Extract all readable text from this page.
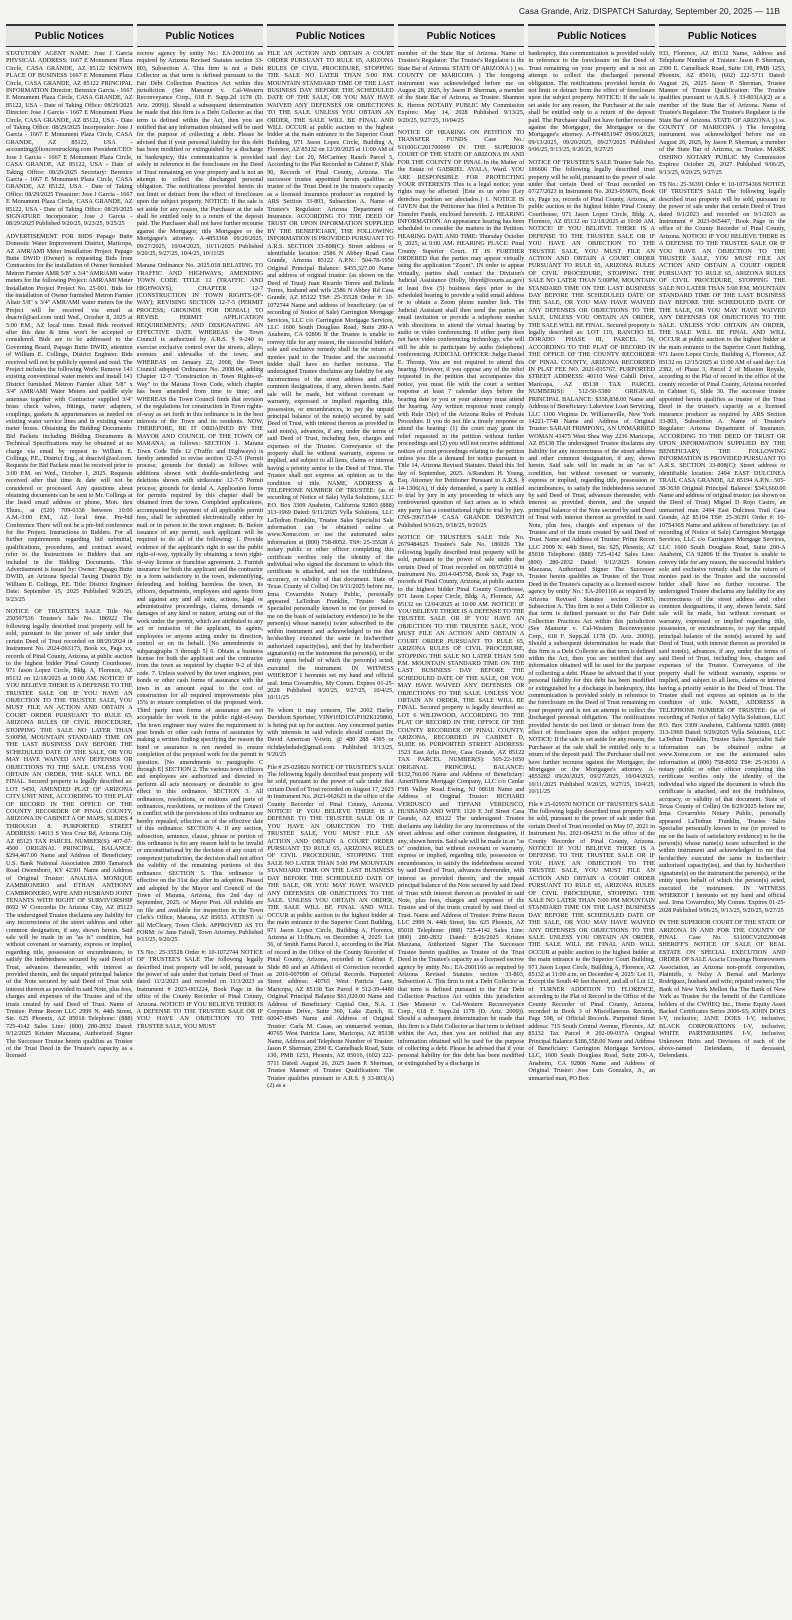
Casa Grande, Ariz. DISPATCH Saturday, September 20, 2025 — 11B
Public Notices
STATUTORY AGENT NAME: Jose J Garcia PHYSICAL ADDRESS: 1667 E Monument Plaza Circle, CASA GRANDE, AZ 85122 KNOWN PLACE OF BUSINESS 1667 E Monument Plaza Circle, CASA GRANDE, AZ 85122 PRINCIPAL INFORMATION Director: Berenice Garcia - 1667 E Monument Plaza Circle, CASA GRANDE, AZ 85122, USA - Date of Taking Office: 08/29/2025 Director: Jose J Garcia - 1667 E Monument Plaza Circle, CASA GRANDE, AZ 85122, USA - Date of Taking Office: 08/29/2025 Incorporator: Jose J Garcia - 1667 E Monument Plaza Circle, CASA GRANDE, AZ 85122, USA - accounting@lioncrestrucking.com President/CEO: Jose J Garcia - 1667 E Monument Plaza Circle, CASA GRANDE, AZ 85122, USA - Date of Taking Office: 08/29/2025 Secretary: Berenice Garcia - 1667 E Monument Plaza Circle, CASA GRANDE, AZ 85122, USA - Date of Taking Office: 08/29/2025 Treasurer: Jose J Garcia - 1667 E Monument Plaza Circle, CASA GRANDE, AZ 85122, USA - Date of Taking Office: 08/29/2025 SIGNATURE Incorporator: Jose J Garcia - 08/29/2025 Published 9/20/25, 9/23/25, 9/25/25
ADVERTISEMENT FOR BIDS Papago Butte Domestic Water Improvement District, Maricopa, AZ AMR/AMI Meter Installation Project Papago Butte DWID (Owner) is requesting Bids from Contractors for the installation of Owner furnished Metron Farnier AMR 5/8" x 3/4" AMR/AMI water meters for the following Project: AMR/AMI Meter Installation Project Project No. 25-001. Bids for the installation of Owner furnished Metron Farnier Altair 5/8" x 3/4" AMR/AMI water meters for the Project will be received via email at dnacivil@aol.com until Wed., October 8, 2025 at 5:00 P.M., AZ local time. Email Bids received after this date & time won't be accepted or considered. Bids are to be addressed to the Governing Board, Papago Butte DWID, attention of William E. Collings, District Engineer. Bids received will not be publicly opened and read. The Project includes the following Work: Remove 141 existing conventional water meters and install 141 District furnished Metron Farnier Altair 5/8" x 3/4" AMR/AMI Water Meters and paddle style antennas together with Contractor supplied 3/4" brass check valves, fittings, meter adapters, couplings, gaskets & appurtenances as needed on existing water service lines and in existing water meter boxes. Obtaining the Bidding Documents: Bid Packets including Bidding Documents & Technical Specifications may be obtained at no charge via email by request to William E. Collings, P.E., District Eng., at dnacivil@aol.com. Requests for Bid Packets must be received prior to 3:00 P.M. on Wed., October 1, 2025. Requests received after that time & date will not be considered or processed. Any questions about obtaining documents can be sent to Mr. Collings at the listed email address or phone, Mon. thru Thurs., at (520) 709-0338 between 10:00 A.M.-3:00 P.M., AZ local time. Pre-bid Conference There will not be a pre-bid conference for the Project. Instructions to Bidders. For all further requirements regarding bid submittal, qualifications, procedures, and contract award, refer to the Instructions to Bidders that are included in the Bidding Documents. This Advertisement is issued by: Owner: Papago Butte DWID, an Arizona Special Taxing District By: William E. Collings, P.E. Title: District Engineer Date: September 15, 2025 Published 9/20/25, 9/23/25
NOTICE OF TRUSTEE'S SALE Title No. 250507536 Trustee's Sale No. 186922 The following legally described trust property will be sold, pursuant to the power of sale under that certain Deed of Trust recorded on 08/20/2024 in Instrument No. 2024-063173, Book xx, Page xx, records of Pinal County, Arizona, at public auction to the highest bidder Pinal County Courthouse, 971 Jason Lopez Circle, Bldg. A, Florence, AZ 85132 on 12/18/2025 at 10:00 AM. NOTICE! IF YOU BELIEVE THERE IS A DEFENSE TO THE TRUSTEE SALE OR IF YOU HAVE AN OBJECTION TO THE TRUSTEE SALE, YOU MUST FILE AN ACTION AND OBTAIN A COURT ORDER PURSUANT TO RULE 65, ARIZONA RULES OF CIVIL PROCEDURE, STOPPING THE SALE NO LATER THAN 5:00PM, MOUNTAIN STANDARD TIME ON THE LAST BUSINESS DAY BEFORE THE SCHEDULED DATE OF THE SALE, OR YOU MAY HAVE WAIVED ANY DEFENSES OR OBJECTIONS TO THE SALE. UNLESS YOU OBTAIN AN ORDER, THE SALE WILL BE FINAL. Secured property is legally described as: LOT 5450, AMENDED PLAT OF ARIZONA CITY UNIT NINE, ACCORDING TO THE PLAT OF RECORD IN THE OFFICE OF THE COUNTY RECORDER OF PINAL COUNTY, ARIZONA IN CABINET A OF MAPS, SLIDES 4 THROUGH 8. PURPORTED STREET ADDRESS: 14613 S Vera Cruz Rd, Arizona City, AZ 85123 TAX PARCEL NUMBER(S): 407-07-4500 ORIGINAL PRINCIPAL BALANCE: $294,467.00 Name and Address of Beneficiary: U.S. Bank National Association 2800 Tamarack Road Owensboro, KY 42301 Name and Address of Original Trustor: ANALISA MONIQUE ZAMBRONERO and ETHAN ANTHONY CAMBRONERO, WIFE AND HUSBAND JOINT TENANTS WITH RIGHT OF SURVIVORSHIP 8692 W Concordia Dr Arizona City, AZ 85123 The undersigned Trustee disclaims any liability for any incorrectness of the street address and other common designation, if any, shown herein. Said sale will be made in an "as is" condition, but without covenant or warranty, express or implied, regarding title, possession or encumbrances, to satisfy the indebtedness secured by said Deed of Trust, advances thereunder, with interest as provided therein, and the unpaid principal balance of the Note secured by said Deed of Trust with interest thereon as provided in said Note, plus fees, charges and expenses of the Trustee and of the trusts created by said Deed of Trust. Name of Trustee: Prime Recon LLC 2999 N. 44th Street, Ste. 625 Phoenix, AZ 85018 Telephone: (888) 725-4142 Sales Line: (800) 280-2832 Dated: 9/12/2025 Kristen Mazzana, Authorized Signer The Successor Trustee herein qualifies as Trustee of the Trust Deed in the Trustee's capacity as a licensed
Public Notices
escrow agency by entity No.: EA-2001166 as required by Arizona Revised Statutes section 33-803, Subsection A. This firm is not a Debt Collector as that term is defined pursuant to the Fair Debt Collection Practices Act within this jurisdiction (See Mansour v. Cal-Western Reconveyance Corp., 618 F. Supp.2d 1178 (D. Ariz. 2009)). Should a subsequent determination be made that this firm is a Debt Collector as that term is defined within the Act, then you are notified that any information obtained will be used for the purpose of collecting a debt. Please be advised that if your personal liability for this debt has been modified or extinguished by a discharge in bankruptcy, this communication is provided solely in reference to the foreclosure on the Deed of Trust remaining on your property and is not an attempt to collect the discharged personal obligation. The notifications provided herein do not limit or detract from the effect of foreclosure upon the subject property. NOTICE: If the sale is set aside for any reason, the Purchaser at the sale shall be entitled only to a return of the deposit paid. The Purchaser shall not have further recourse against the Mortgagor, title Mortgagee or the Mortgagee's attorney. A-4853368 09/20/2025, 09/27/2025, 10/04/2025, 10/11/2025 Published 9/20/25, 9/27/25, 10/4/25, 10/11/25
Marana Ordinance No. 2025.018 RELATING TO TRAFFIC AND HIGHWAYS; AMENDING TOWN CODE TITLE 12 (TRAFFIC AND HIGHWAYS), CHAPTER 12-7 (CONSTRUCTION IN TOWN RIGHTS-OF-WAY); REVISING SECTION 12-7-5 (PERMIT PROCESS; GROUNDS FOR DENIAL) TO REVISE PERMIT APPLICATION REQUIREMENTS; AND DESIGNATING AN EFFECTIVE DATE WHEREAS the Town Council is authorized by A.R.S. § 9-240 to exercise exclusive control over the streets, alleys, avenues and sidewalks of the town; and WHEREAS on January 22, 2008, the Town Council adopted Ordinance No. 2008.04, adding Chapter 12-7 "Construction in Town Rights-of-Way" to the Marana Town Code, which chapter has been amended from time to time; and WHEREAS the Town Council finds that revision of the regulations for construction in Town rights-of-way as set forth in this ordinance is in the best interests of the Town and its residents. NOW, THEREFORE, BE IT ORDAINED BY THE MAYOR AND COUNCIL OF THE TOWN OF MARANA, as follows: SECTION 1. Marana Town Code Title 12 (Traffic and Highways) is hereby amended to revise section 12-7-5 (Permit process; grounds for denial) as follows with additions shown with double-underlining and deletions shown with strikeouts: 12-7-5 Permit process; grounds for denial A. Application forms for permits required by this chapter shall be obtained from the town. Completed applications, accompanied by payment of all applicable permit fees, shall be submitted electronically either by mail or in person to the town engineer. B. Before issuance of any permit, each applicant will be required to do all of the following: 1. Provide evidence of the applicant's right to use the public right-of-way, typically by obtaining a town right-of-way license or franchise agreement. 2. Furnish insurance for both the applicant and the contractor in a form satisfactory to the town, indemnifying, defending and holding harmless the town, its officers, departments, employees and agents from and against any and all suits, actions, legal or administrative proceedings, claims, demands or damages of any kind or nature, arising out of the work under the permit, which are attributed to any act or omission of the applicant, its agents, employees or anyone acting under its direction, control or on its behalf. [No amendments to subparagraphs 3 through 5] 6. Obtain a business license for both the applicant and the contractor from the town as required by chapter 9-2 of this code. 7. Unless waived by the town engineer, post bonds or other cash forms of assurance with the town in an amount equal to the cost of construction for all required improvements plus 15% to ensure completion of the proposed work. Third party trust forms of assurance are not acceptable for work in the public right-of-way. The town engineer may waive the requirement to post bonds or other cash forms of assurance by making a written finding specifying the reason the bond or assurance is not needed to ensure completion of the proposed work for the permit in question. [No amendments to paragraphs C through E] SECTION 2. The various town officers and employees are authorized and directed to perform all acts necessary or desirable to give effect to this ordinance. SECTION 3. All ordinances, resolutions, or motions and parts of ordinances, resolutions, or motions of the Council in conflict with the provisions of this ordinance are hereby repealed, effective as of the effective date of this ordinance. SECTION 4. If any section, subsection, sentence, clause, phrase or portion of this ordinance is for any reason held to be invalid or unconstitutional by the decision of any court of competent jurisdiction, the decision shall not affect the validity of the remaining portions of this ordinance. SECTION 5. This ordinance is effective on the 31st day after its adoption. Passed and adopted by the Mayor and Council of the Town of Marana, Arizona, this 2nd day of September, 2025. /s/ Mayor Post. All exhibits are on file and available for inspection in the Town Clerk's Office, Marana, AZ 85653. ATTEST: /s/ Jill McCleary, Town Clerk. APPROVED AS TO FORM: /s/ Jane Fairall, Town Attorney. Published 9/13/25, 9/20/25
TS No.: 25-35528 Order #: 10-1072744 NOTICE OF TRUSTEE'S SALE The following legally described trust property will be sold, pursuant to the power of sale under that certain Deed of Trust dated 11/2/2023 and recorded on 11/3/2023 as Instrument # 2023-003224, Book Page in the office of the County Recorder of Pinal County, Arizona. NOTICE! IF YOU BELIEVE THERE IS A DEFENSE TO THE TRUSTEE SALE OR IF YOU HAVE AN OBJECTION TO THE TRUSTEE SALE, YOU MUST
Public Notices
FILE AN ACTION AND OBTAIN A COURT ORDER PURSUANT TO RULE 65, ARIZONA RULES OF CIVIL PROCEDURE, STOPPING THE SALE NO LATER THAN 5:00 P.M. MOUNTAIN STANDARD TIME OF THE LAST BUSINESS DAY BEFORE THE SCHEDULED DATE OF THE SALE, OR YOU MAY HAVE WAIVED ANY DEFENSES OR OBJECTIONS TO THE SALE. UNLESS YOU OBTAIN AN ORDER, THE SALE WILL BE FINAL AND WILL OCCUR at public auction to the highest bidder at the main entrance to the Superior Court Building, 971 Jason Lopez Circle, Building A, Florence, AZ 85132 on 12/30/2025 at 11:00 AM of said day: Lot 20, McCartney Ranch Parcel 5, According to the Plat Recorded in Cabinet F, Slide 90, Records of Pinal County, Arizona. The successor trustee appointed herein qualifies as trustee of the Trust Deed in the trustee's capacity as a licensed insurance producer as required by ARS Section 33-803, Subsection A. Name of Trustee's Regulator: Arizona Department of Insurance. ACCORDING TO THE DEED OF TRUST OR UPON INFORMATION SUPPLIED BY THE BENEFICIARY, THE FOLLOWING INFORMATION IS PROVIDED PURSUANT TO A.R.S. SECTION 33-808(C): Street address or identifiable location: 2586 N Abbey Road Casa Grande, Arizona 85122 A.P.N.: 504-78-1950 Original Principal Balance: $455,327.00 Name and address of original trustor: (as shown on the Deed of Trust) Juan Ricardo Torres and Belinda Torres, husband and wife 2586 N Abbey Rd Casa Grande, AZ 85122 TS#: 25-35528 Order #: 10-1072744 Name and address of beneficiary: (as of recording of Notice of Sale) Carrington Mortgage Services, LLC c/o Carrington Mortgage Services, LLC 1600 South Douglass Road, Suite 200-A Anaheim, CA 92806 If the Trustee is unable to convey title for any reason, the successful bidder's sole and exclusive remedy shall be the return of monies paid to the Trustee and the successful bidder shall have no further recourse. The undersigned Trustee disclaims any liability for any incorrectness of the street address and other common designations, if any, shown herein. Said sale will be made, but without covenant or warranty, expressed or implied regarding title, possession, or encumbrances, to pay the unpaid principal balance of the note(s) secured by said Deed of Trust, with interest thereon as provided in said note(s), advances, if any, under the terms of said Deed of Trust, including fees, charges and expenses of the Trustee. Conveyance of the property shall be without warranty, express or implied, and subject to all liens, claims or interest having a priority senior to the Deed of Trust. The Trustee shall not express an opinion as to the condition of title. NAME, ADDRESS & TELEPHONE NUMBER OF TRUSTEE: (as of recording of Notice of Sale) Vylla Solutions, LLC P.O. Box 3309 Anaheim, California 92803 (888) 313-1969 Dated: 9/11/2025 Vylla Solutions, LLC LaTedran Franklin, Trustee Sales Specialist Sale information can be obtained online at www.Xome.com or use the automated sales information at (800) 758-8052. TS#: 25-35528 A notary public or other officer completing this certificate verifies only the identity of the individual who signed the document to which this certificate is attached, and not the truthfulness, accuracy, or validity of that document. State of Texas County of Collin) On 9/11/2025 before me, Irma Covarrubio Notary Public, personally appeared LaTedran Franklin, Trustee Sales Specialist personally known to me (or proved to me on the basis of satisfactory evidence) to be the person(s) whose name(s) is/are subscribed to the within instrument and acknowledged to me that he/she/they executed the same in his/her/their authorized capacity(ies), and that by his/her/their signature(s) on the instrument the person(s), or the entity upon behalf of which the person(s) acted, executed the instrument. IN WITNESS WHEREOF I hereunto set my hand and official seal. Irma Covarrubio, My Comm. Expires 01-25-2028 Published 9/20/25, 9/27/25, 10/4/25, 10/11/25
To whom it may concern, The 2002 Harley Davidson Sportster, VIN#1HD1CGP192K129860, is being put up for auction. Any concerned parties with interests in said vehicle should contact Dr. David American V-twin. @ 480 288 4395 or richdayledude@gmail.com. Published 9/13/25, 9/20/25
File # 25-029826 NOTICE OF TRUSTEE'S SALE The following legally described trust property will be sold, pursuant to the power of sale under that certain Deed of Trust recorded on August 17, 2023 in Instrument No. 2023-062623 in the office of the County Recorder of Pinal County, Arizona. NOTICE! IF YOU BELIEVE THERE IS A DEFENSE TO THE TRUSTEE SALE OR IF YOU HAVE AN OBJECTION TO THE TRUSTEE SALE, YOU MUST FILE AN ACTION AND OBTAIN A COURT ORDER PURSUANT TO RULE 65, ARIZONA RULES OF CIVIL PROCEDURE, STOPPING THE SALE NO LATER THAN 5:00 PM MOUNTAIN STANDARD TIME ON THE LAST BUSINESS DAY BEFORE THE SCHEDULED DATE OF THE SALE, OR YOU MAY HAVE WAIVED ANY DEFENSES OR OBJECTIONS TO THE SALE. UNLESS YOU OBTAIN AN ORDER, THE SALE WILL BE FINAL AND WILL OCCUR at public auction to the highest bidder at the main entrance to the Superior Court Building, 971 Jason Lopez Circle, Building A, Florence, Arizona at 11:00a.m. on December 4, 2025: Lot 56, of Smith Farms Parcel 1, according to the Plat of record in the Office of the County Recorder of Pinal County, Arizona, recorded in Cabinet F, Slide 80 and an Affidavit of Correction recorded as 2016-007098 of Official Records. Purported Street address: 40765 West Patricia Lane, Maricopa, AZ 85138 Tax Parcel # 512-39-4480 Original Principal Balance $61,020.00 Name and Address of Beneficiary: Capital One, N.A. 1 Corporate Drive, Suite 360, Lake Zurich, IL 60047-8945 Name and Address of Original Trustor: Carla M. Casas, an unmarried woman, 40765 West Patricia Lane, Maricopa, AZ 85138 Name, Address and Telephone Number of Trustee: Jason P. Sherman, 2390 E. Camelback Road, Suite 130, PMB 1253, Phoenix, AZ 85016, (602) 222-5711 Dated: August 26, 2025 Jason P. Sherman, Trustee Manner of Trustee Qualification: The Trustee qualifies pursuant to A.R.S. § 33-803(A)(2) as a
Public Notices
member of the State Bar of Arizona. Name of Trustee's Regulator: The Trustee's Regulator is the State Bar of Arizona. STATE OF ARIZONA ) ) ss. COUNTY OF MARICOPA ) The foregoing instrument was acknowledged before me on August 28, 2025, by Jason P. Sherman, a member of the State Bar of Arizona, as Trustee. Shannon K. Herron NOTARY PUBLIC My Commission Expires: May 14, 2028 Published 9/13/25, 9/20/25, 9/27/25, 10/04/25
NOTICE OF HEARING ON PETITION TO TRANSFER FUNDS Case No.: S1100GC201700099 IN THE SUPERIOR COURT OF THE STATE OF ARIZONA IN AND FOR THE COUNTY OF PINAL In the Matter of the Estate of GABRIEL AYALA, Ward. YOU ARE RESPONSIBLE FOR PROTECTING YOUR INTERESTS This is a legal notice; your rights may be affected. [Este es un aviso (Ley derechos podrían ser afectados.) 1. NOTICE IS GIVEN that the Petitioner has filed a Petition To Transfer Funds, enclosed herewith. 2. HEARING INFORMATION. An appearance hearing has been scheduled to consider the matters in the Petition. HEARING DATE AND TIME: Thursday October 9, 2025, at 9:00 AM. HEARING PLACE: Pinal County Superior Court. IT IS FURTHER ORDERED that the parties may appear virtually using the application "Zoom". IN order to appear virtually, parties shall contact the Division's Judicial Assistance (Holly, hbyrd@courts.az.gov) at least five (5) business days prior to the scheduled hearing to provide a valid email address or to obtain a Zoom phone number link. The Judicial Assistant shall then send the parties an email invitation or provide a telephone number with directions to attend the virtual hearing by audio or video conferencing. If either party does not have video conferencing technology, s/he will still be able to participate by audio (telephone) conferencing. JUDICIAL OFFICER: Judge Daniel E. Thorup. You are not required to attend this hearing. However, if you oppose any of the relief requested in the petition that accompanies this notice, you must file with the court a written response at least 7 calendar days before the hearing date or you or your attorney must attend the hearing. Any written response must comply with Rule 15(e) of the Arizona Rules of Probate Procedure. If you do not file a timely response or attend the hearing: (1) the court may grant the relief requested in the petition without further proceedings and (2) you will not receive additional notices of court proceedings relating to the petition unless you file a demand for notice pursuant to Title 14, Arizona Revised Statutes. Dated this 3rd day of September, 2025. /s/Random H. Young, Esq. Attorney for Petitioner Pursuant to A.R.S. § 14-1306(A), if duly demanded, a party is entitled to trial by jury in any proceeding in which any controverted question of fact arises as to which any party has a constitutional right to trial by jury. CNS-3967354# CASA GRANDE DISPATCH Published 9/16/25, 9/18/25, 9/20/25
NOTICE OF TRUSTEE'S SALE Title No. 2679484625 Trustee's Sale No. 186026 The following legally described trust property will be sold, pursuant to the power of sale under that certain Deed of Trust recorded on 08/07/2014 in Instrument No. 2014-045758, Book xx, Page xx, records of Pinal County, Arizona, at public auction to the highest bidder Pinal County Courthouse, 971 Jason Lopez Circle, Bldg. A, Florence, AZ 85132 on 12/04/2025 at 10:00 AM. NOTICE! IF YOU BELIEVE THERE IS A DEFENSE TO THE TRUSTEE SALE OR IF YOU HAVE AN OBJECTION TO THE TRUSTEE SALE, YOU MUST FILE AN ACTION AND OBTAIN A COURT ORDER PURSUANT TO RULE 65, ARIZONA RULES OF CIVIL PROCEDURE, STOPPING THE SALE NO LATER THAN 5:00 P.M. MOUNTAIN STANDARD TIME ON THE LAST BUSINESS DAY BEFORE THE SCHEDULED DATE OF THE SALE, OR YOU MAY HAVE WAIVED ANY DEFENSES OR OBJECTIONS TO THE SALE. UNLESS YOU OBTAIN AN ORDER, THE SALE WILL BE FINAL. Secured property is legally described as: LOT 6 WILDWOOD, ACCORDING TO THE PLAT OF RECORD IN THE OFFICE OF THE COUNTY RECORDER OF PINAL COUNTY, ARIZONA, RECORDED IN CABINET D, SLIDE 66. PURPORTED STREET ADDRESS: 1523 East Arlia Drive, Casa Grande, AZ 85122 TAX PARCEL NUMBER(S): 505-22-1050 ORIGINAL PRINCIPAL BALANCE: $132,760.00 Name and Address of Beneficiary: AmeriHome Mortgage Company, LLC c/o Cenlar FSB Valley Road Ewing, NJ 08618 Name and Address of Original Trustor: RICHARD VERDUSCO and TIFFANI VERDUSCO, HUSBAND AND WIFE 1120 E 3rd Street Casa Grande, AZ 85122 The undersigned Trustee disclaims any liability for any incorrectness of the street address and other common designation, if any, shown herein. Said sale will be made in an "as is" condition, but without covenant or warranty, express or implied, regarding title, possession or encumbrances, to satisfy the indebtedness secured by said Deed of Trust, advances thereunder, with interest as provided therein, and the unpaid principal balance of the Note secured by said Deed of Trust with interest thereon as provided in said Note, plus fees, charges and expenses of the Trustee and of the trusts created by said Deed of Trust. Name and Address of Trustee: Prime Recon LLC 2999 N. 44th Street, Ste. 625 Phoenix, AZ 85018 Telephone: (888) 725-4142 Sales Line: (800) 280-2832 Dated: 8/26/2025 Kristen Mazzana, Authorized Signer The Successor Trustee herein qualifies as Trustee of the Trust Deed in the Trustee's capacity as a licensed escrow agency by entity No.: EA-2001166 as required by Arizona Revised Statutes section 33-803, Subsection A. This firm is not a Debt Collector as that term is defined pursuant to the Fair Debt Collection Practices Act within this jurisdiction (See Mansour v. Cal-Western Reconveyance Corp., 618 F. Supp.2d 1178 (D. Ariz. 2009)). Should a subsequent determination be made that this firm is a Debt Collector as that term is defined within the Act, then you are notified that any information obtained will be used for the purpose of collecting a debt. Please be advised that if your personal liability for this debt has been modified or extinguished by a discharge in
Public Notices
bankruptcy, this communication is provided solely in reference to the foreclosure on the Deed of Trust remaining on your property and is not an attempt to collect the discharged personal obligation. The notifications provided herein do not limit or detract from the effect of foreclosure upon the subject property. NOTICE: If the sale is set aside for any reason, the Purchaser at the sale shall be entitled only to a return of the deposit paid. The Purchaser shall not have further recourse against the Mortgagor, the Mortgagee or the Mortgagee's attorney. A-FN4851947 09/06/2025, 09/13/2025, 09/20/2025, 09/27/2025 Published 9/06/25, 9/13/25, 9/20/25, 9/27/25
NOTICE OF TRUSTEE'S SALE Trustee Sale No. 186606 The following legally described trust property will be sold, pursuant to the power of sale under that certain Deed of Trust recorded on 07/27/2023 in Instrument No. 2023-059076, Book xx, Page xx, records of Pinal County, Arizona, at public auction to the highest bidder Pinal County Courthouse, 971 Jason Lopez Circle, Bldg. A, Florence, AZ 85132 on 12/18/2025 at 10:00 AM. NOTICE! IF YOU BELIEVE THERE IS A DEFENSE TO THE TRUSTEE SALE OR IF YOU HAVE AN OBJECTION TO THE TRUSTEE SALE, YOU MUST FILE AN ACTION AND OBTAIN A COURT ORDER PURSUANT TO RULE 65, ARIZONA RULES OF CIVIL PROCEDURE, STOPPING THE SALE NO LATER THAN 5:00PM, MOUNTAIN STANDARD TIME ON THE LAST BUSINESS DAY BEFORE THE SCHEDULED DATE OF THE SALE, OR YOU MAY HAVE WAIVED ANY DEFENSES OR OBJECTIONS TO THE SALE. UNLESS YOU OBTAIN AN ORDER, THE SALE WILL BE FINAL. Secured property is legally described as: LOT 119, RANCHO EL DORADO PHASE III, PARCEL 56, ACCORDING TO THE PLAT OF RECORD IN THE OFFICE OF THE COUNTY RECORDER OF PINAL COUNTY, ARIZONA RECORDED IN PLAT FEE NO. 2021-035767. PURPORTED STREET ADDRESS: 40110 West Cahill Drive, Maricopa, AZ 85138 TAX PARCEL NUMBER(S): 512-50-5380 ORIGINAL PRINCIPAL BALANCE: $338,838.00 Name and Address of Beneficiary: Lakeview Loan Servicing, LLC 1100 Virginia Dr. Williamsville, New York 14221-7748 Name and Address of Original Trustor: SARAH FRIMPONG, AN UNMARRIED WOMAN 41475 West Shea Way 2236 Maricopa, AZ 85138 The undersigned Trustee disclaims any liability for any incorrectness of the street address and other common designation, if any, shown herein. Said sale will be made in an "as is" condition, but without covenant or warranty, express or implied, regarding title, possession or encumbrances, to satisfy the indebtedness secured by said Deed of Trust, advances thereunder, with interest as provided therein, and the unpaid principal balance of the Note secured by said Deed of Trust with interest thereon as provided in said Note, plus fees, charges and expenses of the Trustee and of the trusts created by said Deed of Trust. Name and Address of Trustee: Prime Recon LLC 2999 N. 44th Street, Ste. 625, Phoenix, AZ 85018 Telephone: (888) 725-4142 Sales Line: (800) 280-2832 Dated: 9/12/2025 Kristen Mazzana, Authorized Signer The Successor Trustee herein qualifies as Trustee of the Trust Deed in the Trustee's capacity as a licensed escrow agency by entity No.: EA-2001166 as required by Arizona Revised Statutes section 33-803, Subsection A. This firm is not a Debt Collector as that term is defined pursuant to the Fair Debt Collection Practices Act within this jurisdiction (See Mansour v. Cal-Western Reconveyance Corp., 618 F. Supp.2d 1178 (D. Ariz. 2009)). Should a subsequent determination be made that this firm is a Debt Collector as that term is defined within the Act, then you are notified that any information obtained will be used for the purpose of collecting a debt. Please be advised that if your personal liability for this debt has been modified or extinguished by a discharge in bankruptcy, this communication is provided solely in reference to the foreclosure on the Deed of Trust remaining on your property and is not an attempt to collect the discharged personal obligation. The notifications provided herein do not limit or detract from the effect of foreclosure upon the subject property. NOTICE: If the sale is set aside for any reason, the Purchaser at the sale shall be entitled only to a return of the deposit paid. The Purchaser shall not have further recourse against the Mortgagor, the Mortgagee or the Mortgagee's attorney. A-4853282 09/20/2025, 09/27/2025, 10/04/2025, 10/11/2025 Published 9/20/25, 9/27/25, 10/4/25, 10/11/25
File # 25-029570 NOTICE OF TRUSTEE'S SALE The following legally described trust property will be sold, pursuant to the power of sale under that certain Deed of Trust recorded on May 07, 2021 in Instrument No. 2021-064251 in the office of the County Recorder of Pinal County, Arizona. NOTICE! IF YOU BELIEVE THERE IS A DEFENSE TO THE TRUSTEE SALE OR IF YOU HAVE AN OBJECTION TO THE TRUSTEE SALE, YOU MUST FILE AN ACTION AND OBTAIN A COURT ORDER PURSUANT TO RULE 65, ARIZONA RULES OF CIVIL PROCEDURE, STOPPING THE SALE NO LATER THAN 5:00 PM MOUNTAIN STANDARD TIME ON THE LAST BUSINESS DAY BEFORE THE SCHEDULED DATE OF THE SALE, OR YOU MAY HAVE WAIVED ANY DEFENSES OR OBJECTIONS TO THE SALE. UNLESS YOU OBTAIN AN ORDER, THE SALE WILL BE FINAL AND WILL OCCUR at public auction to the highest bidder at the main entrance to the Superior Court Building, 971 Jason Lopez Circle, Building A, Florence, AZ 85132 at 11:00 a.m. on December 4, 2025: Lot 11, Except the South 40 feet thereof, and all of Lot 12, of TURNER ADDITION TO FLORENCE, according to the Plat of Record in the Office of the County Recorder of Pinal County, Arizona, recorded in Book 3 of Miscellaneous Records, Page 598, of Official Records. Purported Street address: 715 South Central Avenue, Florence, AZ 85132 Tax Parcel # 202-09-037A Original Principal Balance $186,558.00 Name and Address of Beneficiary: Carrington Mortgage Services, LLC, 1600 South Douglass Road, Suite 200-A, Anaheim, CA 92806 Name and Address of Original Trustor: Jose Luis Gonzalez, Jr., an unmarried man, PO Box
Public Notices
933, Florence, AZ 85132 Name, Address and Telephone Number of Trustee: Jason P. Sherman, 2390 E. Camelback Road, Suite 130, PMB 1253, Phoenix, AZ 85016, (602) 222-5711 Dated: August 26, 2025 Jason P. Sherman, Trustee Manner of Trustee Qualification: The Trustee qualifies pursuant to A.R.S. § 33-803(A)(2) as a member of the State Bar of Arizona. Name of Trustee's Regulator: The Trustee's Regulator is the State Bar of Arizona. STATE OF ARIZONA ) ) ss. COUNTY OF MARICOPA ) The foregoing instrument was acknowledged before me on August 26, 2025, by Jason P. Sherman, a member of the State Bar of Arizona, as Trustee. MARK OSHINO NOTARY PUBLIC My Commission Expires: October 29, 2027 Published 9/06/25, 9/13/25, 9/20/25, 9/27/25
TS No.: 25-36391 Order #: 10-1075436S NOTICE OF TRUSTEE'S SALE The following legally described trust property will be sold, pursuant to the power of sale under that certain Deed of Trust dated 9/1/2023 and recorded on 9/1/2023 as Instrument # 2023-065447, Book Page in the office of the County Recorder of Pinal County, Arizona. NOTICE! IF YOU BELIEVE THERE IS A DEFENSE TO THE TRUSTEE SALE OR IF YOU HAVE AN OBJECTION TO THE TRUSTEE SALE, YOU MUST FILE AN ACTION AND OBTAIN A COURT ORDER PURSUANT TO RULE 65, ARIZONA RULES OF CIVIL PROCEDURE, STOPPING THE SALE NO LATER THAN 5:00 P.M. MOUNTAIN STANDARD TIME OF THE LAST BUSINESS DAY BEFORE THE SCHEDULED DATE OF THE SALE, OR YOU MAY HAVE WAIVED ANY DEFENSES OR OBJECTIONS TO THE SALE. UNLESS YOU OBTAIN AN ORDER, THE SALE WILL BE FINAL AND WILL OCCUR at public auction to the highest bidder at the main entrance to the Superior Court Building, 971 Jason Lopez Circle, Building A, Florence, AZ 85132 on 12/15/2025 at 11:00 AM of said day: Lot 2382, of Phase 3, Parcel 2 of Mission Royale, according to the Plat of record in the office of the county recorder of Pinal County, Arizona recorded in Cabinet G, Slide 30. The successor trustee appointed herein qualifies as trustee of the Trust Deed in the trustee's capacity as a licensed insurance producer as required by ARS Section 33-803, Subsection A. Name of Trustee's Regulator: Arizona Department of Insurance. ACCORDING TO THE DEED OF TRUST OR UPON INFORMATION SUPPLIED BY THE BENEFICIARY, THE FOLLOWING INFORMATION IS PROVIDED PURSUANT TO A.R.S. SECTION 33-808(C): Street address or identifiable location: 2494 EAST DULCINEA TRAIL CASA GRANDE, AZ 85194 A.P.N.: 505-38-3630 Original Principal Balance: $343,660.00 Name and address of original trustor: (as shown on the Deed of Trust) Miguel D Rojo Castro, an unmarried man 2494 East Dulcinea Trail Casa Grande, AZ 85194 TS#: 25-36391 Order #: 10-1075436S Name and address of beneficiary: (as of recording of Notice of Sale) Carrington Mortgage Services, LLC c/o Carrington Mortgage Services, LLC 1600 South Douglass Road, Suite 200-A Anaheim, CA 92806 If the Trustee is unable to convey title for any reason, the successful bidder's sole and exclusive remedy shall be the return of monies paid to the Trustee and the successful bidder shall have no further recourse. The undersigned Trustee disclaims any liability for any incorrectness of the street address and other common designations, if any, shown herein. Said sale will be made, but without covenant or warranty, expressed or implied regarding title, possession, or encumbrances, to pay the unpaid principal balance of the note(s) secured by said Deed of Trust, with interest thereon as provided in said note(s), advances, if any, under the terms of said Deed of Trust, including fees, charges and expenses of the Trustee. Conveyance of the property shall be without warranty, express or implied, and subject to all liens, claims or interest having a priority senior to the Deed of Trust. The Trustee shall not express an opinion as to the condition of title. NAME, ADDRESS & TELEPHONE NUMBER OF TRUSTEE: (as of recording of Notice of Sale) Vylla Solutions, LLC P.O. Box 3309 Anaheim, California 92803 (888) 313-1969 Dated: 9/29/2025 Vylla Solutions, LLC LaTedran Franklin, Trustee Sales Specialist Sale information can be obtained online at www.Xome.com or use the automated sales information at (800) 758-8052 TS#: 25-36391 A notary public or other officer completing this certificate verifies only the identity of the individual who signed the document to which this certificate is attached, and not the truthfulness, accuracy, or validity of that document. State of Texas County of Collin) On 8/29/2025 before me, Irma Covarrubio Notary Public, personally appeared LaTedran Franklin, Trustee Sales Specialist personally known to me (or proved to me on the basis of satisfactory evidence) to be the person(s) whose name(s) is/are subscribed to the within instrument and acknowledged to me that he/she/they executed the same in his/her/their authorized capacity(ies), and that by his/her/their signature(s) on the instrument the person(s), or the entity upon behalf of which the person(s) acted, executed the instrument. IN WITNESS WHEREOF I hereunto set my hand and official seal. Irma Covarrubio, My Comm. Expires 01-25-2028 Published 9/06/25, 9/13/25, 9/20/25, 9/27/25
IN THE SUPERIOR COURT OF THE STATE OF ARIZONA IN AND FOR THE COUNTY OF PINAL Case No. S1100CV202200048 SHERIFF'S NOTICE OF SALE OF REAL ESTATE ON SPECIAL EXECUTION AND ORDER OF SALE Acacia Crossings Homeowners Association, an Arizona non-profit corporation, Plaintiffs, v. Nelsy A Bernal and Marlenys Rodriguez, husband and wife; reputed owners; The Bank of New York Mellon fka The Bank of New York as Trustee for the benefit of the Certificate holders of the CWHEQ Inc., Home Equity Asset Backed Certificates Series 2006-S5; JOHN DOES I-V, inclusive; JANE DOES I-V, inclusive; BLACK CORPORATIONS I-V, inclusive; WHITE PARTNERSHIPS I-V, inclusive; Unknown Heirs and Devisees of each of the above-named Defendants, if deceased, Defendants.
